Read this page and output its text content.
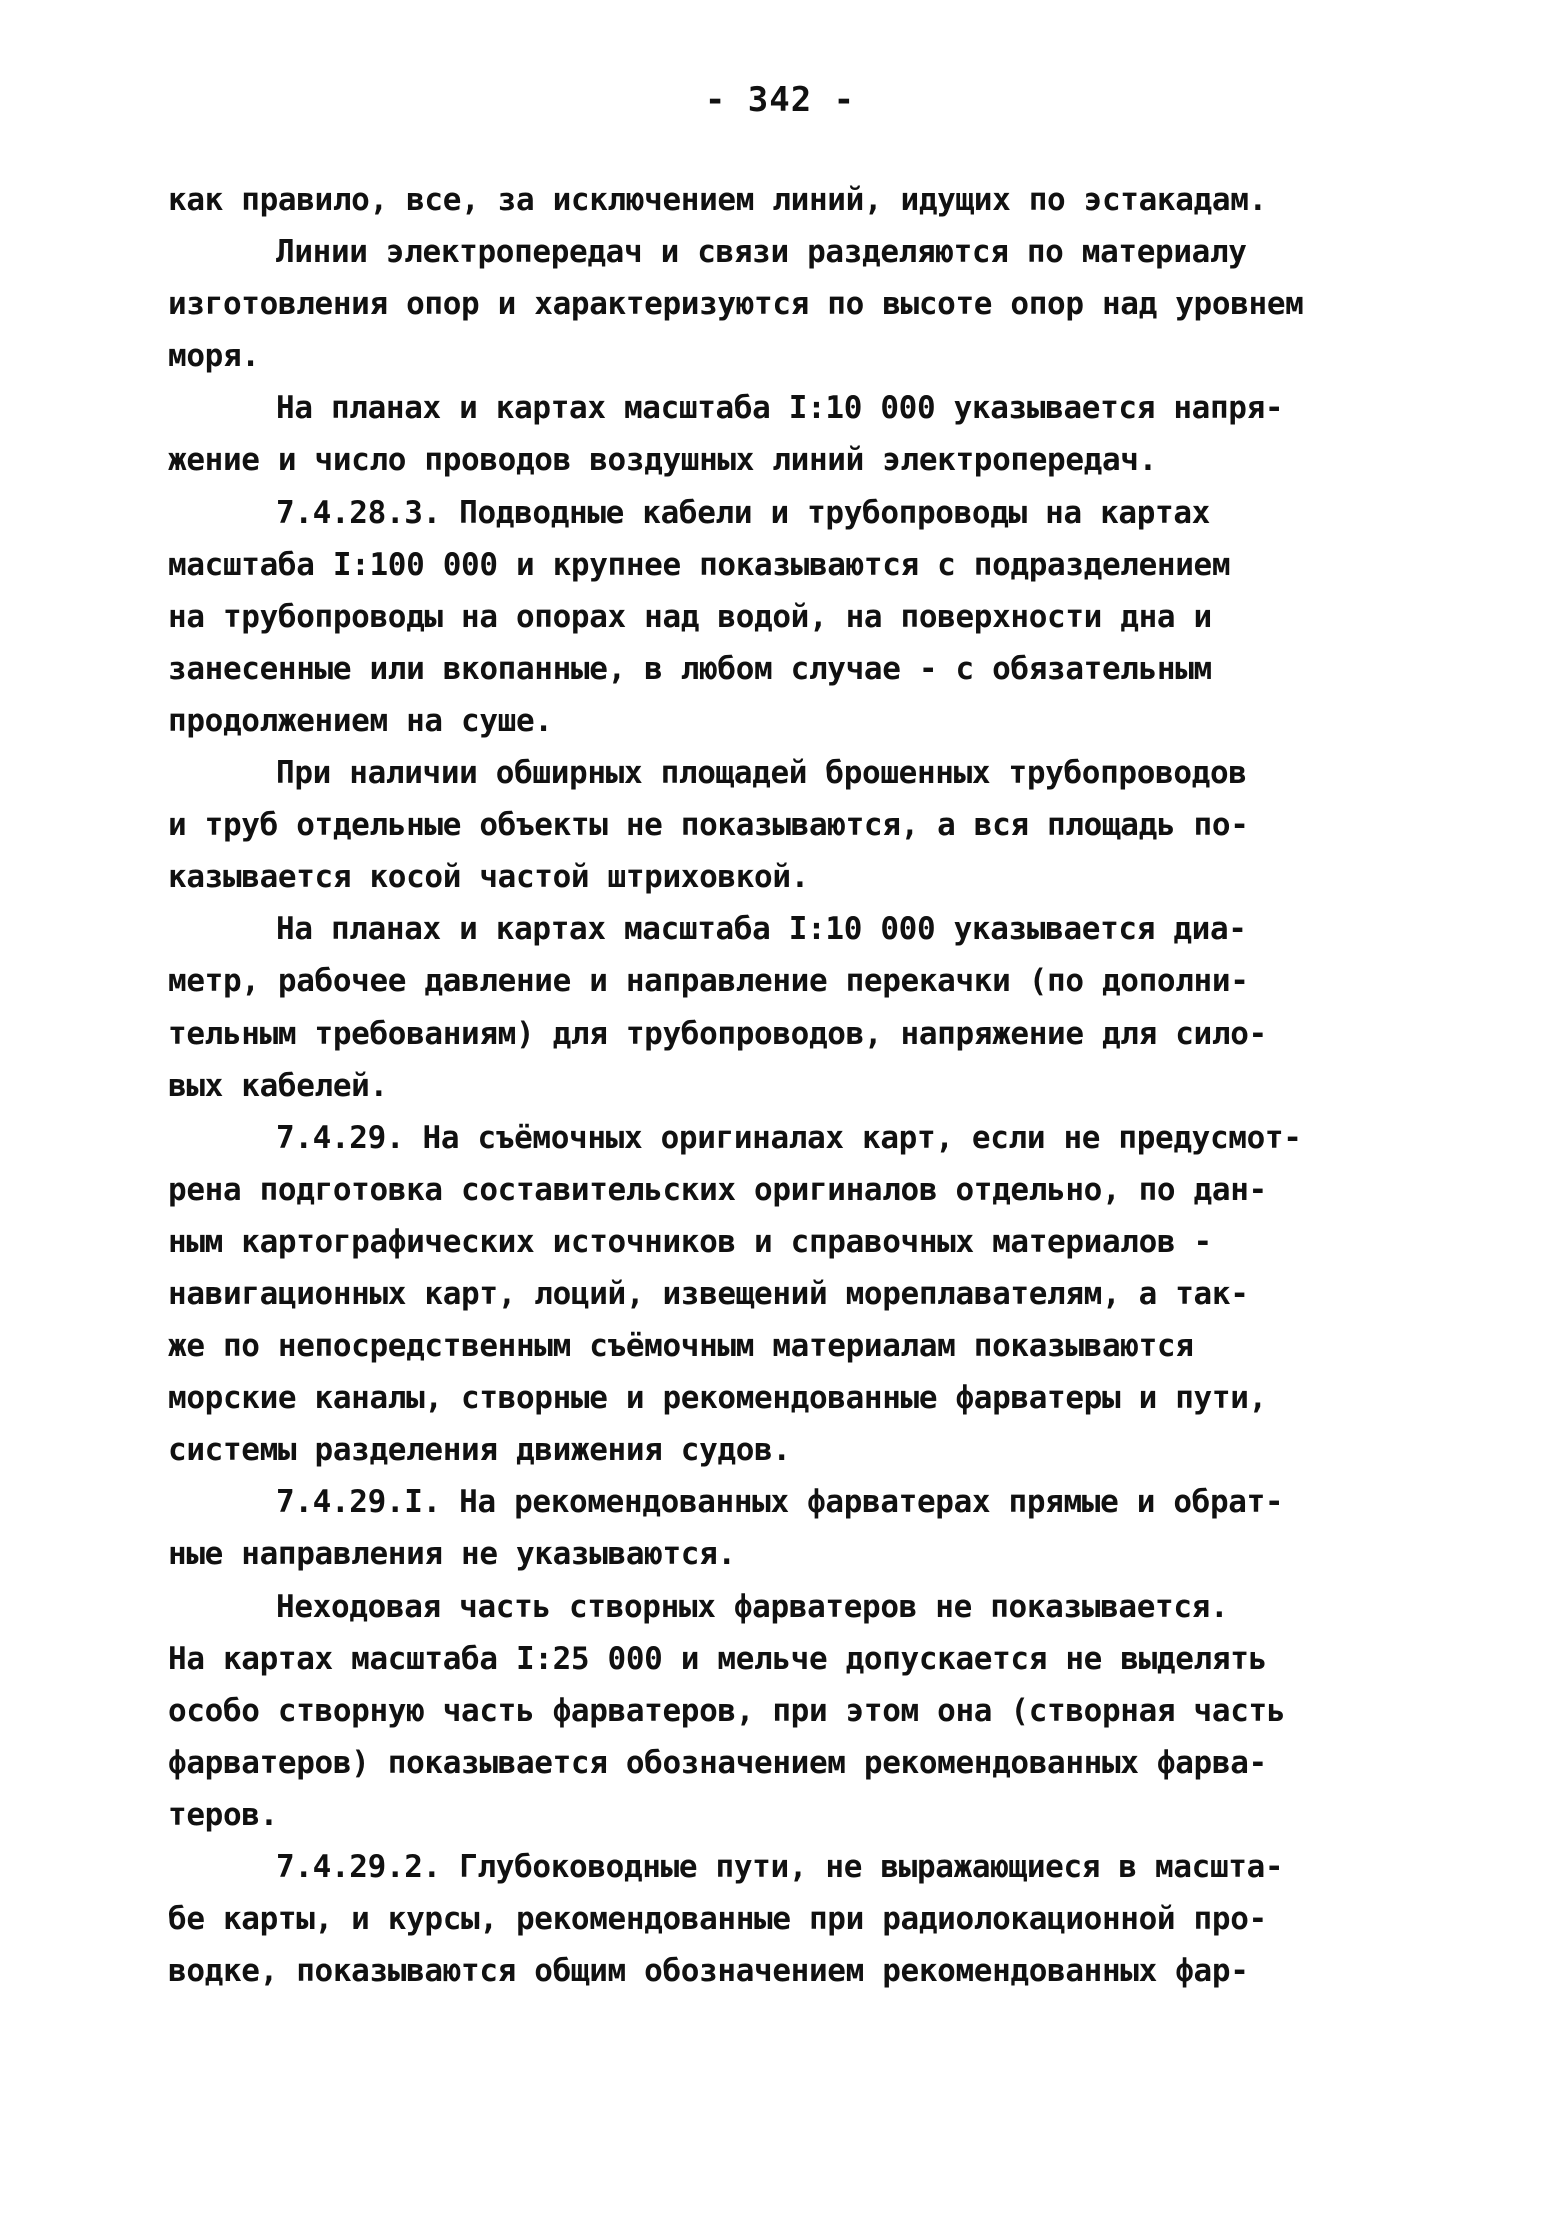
- 342 -
как правило, все, за исключением линий, идущих по эстакадам.
Линии электропередач и связи разделяются по материалу
изготовления опор и характеризуются по высоте опор над уровнем
моря.
На планах и картах масштаба I:10 000 указывается напря-
жение и число проводов воздушных линий электропередач.
7.4.28.3. Подводные кабели и трубопроводы на картах
масштаба I:100 000 и крупнее показываются с подразделением
на трубопроводы на опорах над водой, на поверхности дна и
занесенные или вкопанные, в любом случае - с обязательным
продолжением на суше.
При наличии обширных площадей брошенных трубопроводов
и труб отдельные объекты не показываются, а вся площадь по-
казывается косой частой штриховкой.
На планах и картах масштаба I:10 000 указывается диа-
метр, рабочее давление и направление перекачки (по дополни-
тельным требованиям) для трубопроводов, напряжение для сило-
вых кабелей.
7.4.29. На съёмочных оригиналах карт, если не предусмот-
рена подготовка составительских оригиналов отдельно, по дан-
ным картографических источников и справочных материалов -
навигационных карт, лоций, извещений мореплавателям, а так-
же по непосредственным съёмочным материалам показываются
морские каналы, створные и рекомендованные фарватеры и пути,
системы разделения движения судов.
7.4.29.I. На рекомендованных фарватерах прямые и обрат-
ные направления не указываются.
Неходовая часть створных фарватеров не показывается.
На картах масштаба I:25 000 и мельче допускается не выделять
особо створную часть фарватеров, при этом она (створная часть
фарватеров) показывается обозначением рекомендованных фарва-
теров.
7.4.29.2. Глубоководные пути, не выражающиеся в масшта-
бе карты, и курсы, рекомендованные при радиолокационной про-
водке, показываются общим обозначением рекомендованных фар-
